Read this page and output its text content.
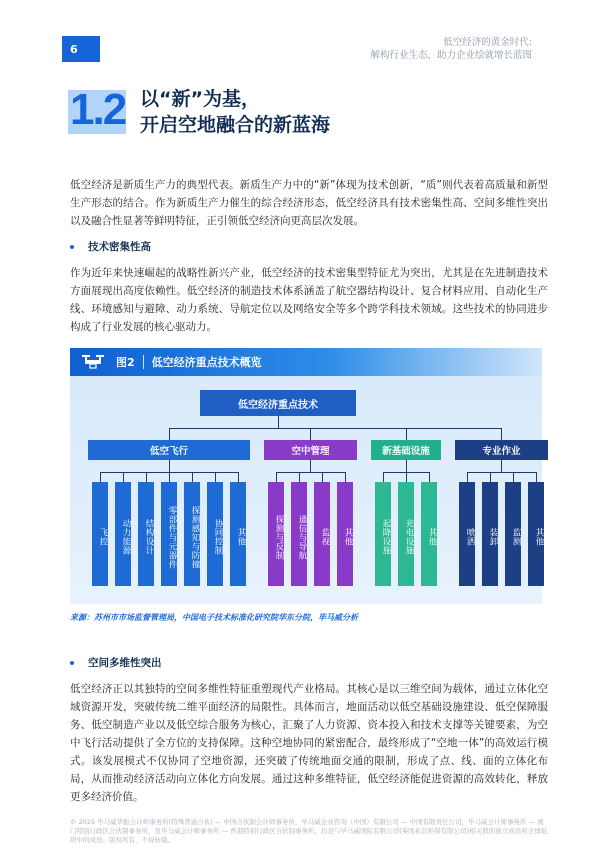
6	低空经济的黄金时代:
解构行业生态，助力企业绘就增长蓝图
1.2 以“新”为基，
开启空地融合的新蓝海
低空经济是新质生产力的典型代表。新质生产力中的“新”体现为技术创新，“质”则代表着高质量和新型生产形态的结合。作为新质生产力催生的综合经济形态，低空经济具有技术密集性高、空间多维性突出以及融合性显著等鲜明特征，正引领低空经济向更高层次发展。
技术密集性高
作为近年来快速崛起的战略性新兴产业，低空经济的技术密集型特征尤为突出，尤其是在先进制造技术方面展现出高度依赖性。低空经济的制造技术体系涵盖了航空器结构设计、复合材料应用、自动化生产线、环境感知与避障、动力系统、导航定位以及网络安全等多个跨学科技术领域。这些技术的协同进步构成了行业发展的核心驱动力。
图2 低空经济重点技术概览
低空经济重点技术
低空飞行
飞控	动力能源	结构设计	零部件与元器件	探测感知与防撞	协同控制	其他
空中管理
探测与反制	通信与导航	监视	其他
新基础设施
起降设施	充电设施	其他
专业作业
喷洒	装卸	监测	其他
来源：苏州市市场监督管理局，中国电子技术标准化研究院华东分院，毕马威分析
空间多维性突出
低空经济正以其独特的空间多维性特征重塑现代产业格局。其核心是以三维空间为载体，通过立体化空域资源开发，突破传统二维平面经济的局限性。具体而言，地面活动以低空基础设施建设、低空保障服务、低空制造产业以及低空综合服务为核心，汇聚了人力资源、资本投入和技术支撑等关键要素，为空中飞行活动提供了全方位的支持保障。这种空地协同的紧密配合，最终形成了“空地一体”的高效运行模式。该发展模式不仅协同了空地资源，还突破了传统地面交通的限制，形成了点、线、面的立体化布局，从而推动经济活动向立体化方向发展。通过这种多维特征，低空经济能促进资源的高效转化，释放更多经济价值。
© 2025 毕马威华振会计师事务所(特殊普通合伙) — 中国合伙制会计师事务所，毕马威企业咨询（中国）有限公司 — 中国有限责任公司，毕马威会计师事务所 — 澳门特别行政区合伙制事务所，及毕马威会计师事务所 — 香港特别行政区合伙制事务所，均是与毕马威国际有限公司(英国私营担保有限公司)相关联的独立成员所全球组织中的成员。版权所有，不得转载。
